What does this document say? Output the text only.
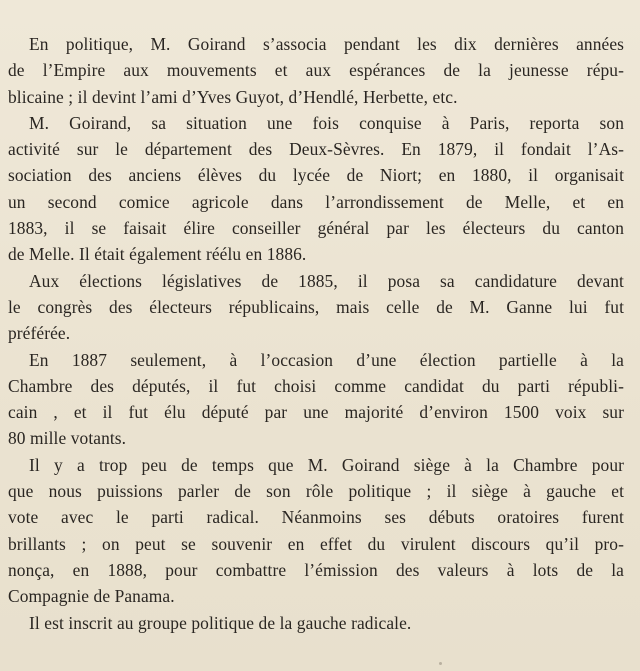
En politique, M. Goirand s’associa pendant les dix dernières années
de l’Empire aux mouvements et aux espérances de la jeunesse répu-
blicaine ; il devint l’ami d’Yves Guyot, d’Hendlé, Herbette, etc.
M. Goirand, sa situation une fois conquise à Paris, reporta son
activité sur le département des Deux-Sèvres. En 1879, il fondait l’As-
sociation des anciens élèves du lycée de Niort; en 1880, il organisait
un second comice agricole dans l’arrondissement de Melle, et en
1883, il se faisait élire conseiller général par les électeurs du canton
de Melle. Il était également réélu en 1886.
Aux élections législatives de 1885, il posa sa candidature devant
le congrès des électeurs républicains, mais celle de M. Ganne lui fut
préférée.
En 1887 seulement, à l’occasion d’une élection partielle à la
Chambre des députés, il fut choisi comme candidat du parti républi-
cain , et il fut élu député par une majorité d’environ 1500 voix sur
80 mille votants.
Il y a trop peu de temps que M. Goirand siège à la Chambre pour
que nous puissions parler de son rôle politique ; il siège à gauche et
vote avec le parti radical. Néanmoins ses débuts oratoires furent
brillants ; on peut se souvenir en effet du virulent discours qu’il pro-
nonça, en 1888, pour combattre l’émission des valeurs à lots de la
Compagnie de Panama.
Il est inscrit au groupe politique de la gauche radicale.
